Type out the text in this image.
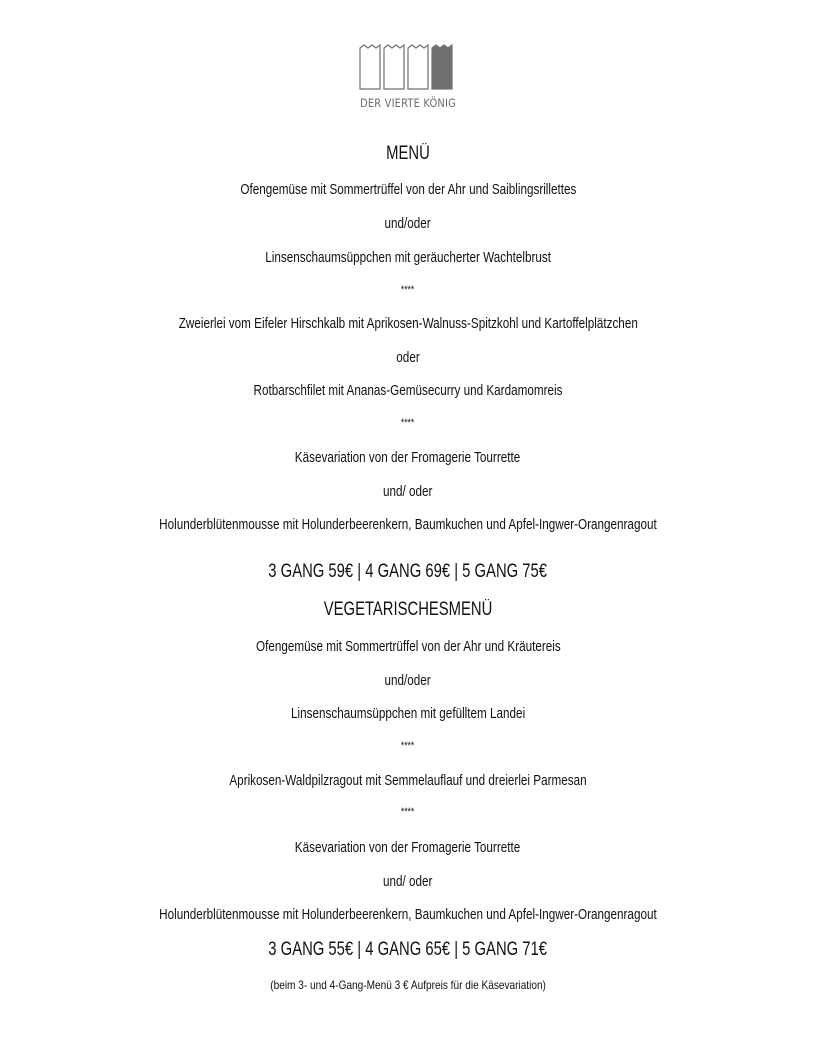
DER VIERTE KÖNIG
MENÜ
Ofengemüse mit Sommertrüffel von der Ahr und Saiblingsrillettes
und/oder
Linsenschaumsüppchen mit geräucherter Wachtelbrust
****
Zweierlei vom Eifeler Hirschkalb mit Aprikosen-Walnuss-Spitzkohl und Kartoffelplätzchen
oder
Rotbarschfilet mit Ananas-Gemüsecurry und Kardamomreis
****
Käsevariation von der Fromagerie Tourrette
und/ oder
Holunderblütenmousse mit Holunderbeerenkern, Baumkuchen und Apfel-Ingwer-Orangenragout
3 GANG 59€ | 4 GANG 69€ | 5 GANG 75€
VEGETARISCHESMENÜ
Ofengemüse mit Sommertrüffel von der Ahr und Kräutereis
und/oder
Linsenschaumsüppchen mit gefülltem Landei
****
Aprikosen-Waldpilzragout mit Semmelauflauf und dreierlei Parmesan
****
Käsevariation von der Fromagerie Tourrette
und/ oder
Holunderblütenmousse mit Holunderbeerenkern, Baumkuchen und Apfel-Ingwer-Orangenragout
3 GANG 55€ | 4 GANG 65€ | 5 GANG 71€
(beim 3- und 4-Gang-Menü 3 € Aufpreis für die Käsevariation)
